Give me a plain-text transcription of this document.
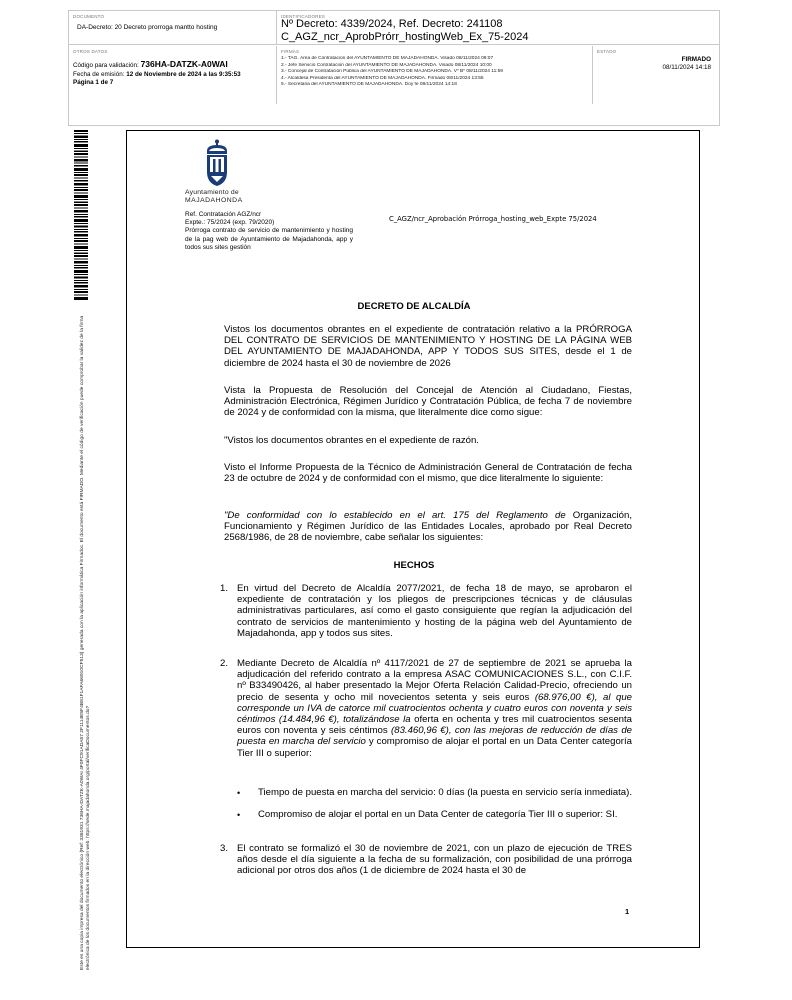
DOCUMENTO
DA-Decreto: 20 Decreto prorroga mantto hosting
IDENTIFICADORES
Nº Decreto: 4339/2024, Ref. Decreto: 241108 C_AGZ_ncr_AprobPrórr_hostingWeb_Ex_75-2024
OTROS DATOS
Código para validación: 736HA-DATZK-A0WAI
Fecha de emisión: 12 de Noviembre de 2024 a las 9:35:53
Página 1 de 7
FIRMAS
1.- TAG. Área de Contratacion del AYUNTAMIENTO DE MAJADAHONDA. Visado 08/11/2024 09:07
2.- Jefe Servicio Contratacion del AYUNTAMIENTO DE MAJADAHONDA. Visado 08/11/2024 10:00
3.- Concejal de Contratación Pública del AYUNTAMIENTO DE MAJADAHONDA. Vº Bº 08/11/2024 11:59
4.- Alcaldesa Presidenta del AYUNTAMIENTO DE MAJADAHONDA. Firmado 08/11/2024 13:55
5.- Secretaria del AYUNTAMIENTO DE MAJADAHONDA. Doy fe 08/11/2024 14:18
ESTADO
FIRMADO
08/11/2024 14:18
Este es una copia impresa del documento electrónico (Ref: 3381931 736HA-DATZK-A0WAI 4F0FC91ADA57 2F1114E5F4B81F1AFA66910CF513) generada con la aplicación informática Firmadoc. El documento está FIRMADO. Mediante el código de verificación puede comprobar la validez de la firma electrónica de los documentos firmados en la dirección web: https://sede.majadahonda.org/portal/verificaDocumentos.do?
Ayuntamiento de
MAJADAHONDA
Ref. Contratación AGZ/ncr
Expte.: 75/2024 (exp. 79/2020)
Prórroga contrato de servicio de mantenimiento y hosting de la pag web de Ayuntamiento de Majadahonda, app y todos sus sites gestión
C_AGZ/ncr_Aprobación Prórroga_hosting_web_Expte 75/2024
DECRETO DE ALCALDÍA
Vistos los documentos obrantes en el expediente de contratación relativo a la PRÓRROGA DEL CONTRATO DE SERVICIOS DE MANTENIMIENTO Y HOSTING DE LA PÁGINA WEB DEL AYUNTAMIENTO DE MAJADAHONDA, APP Y TODOS SUS SITES, desde el 1 de diciembre de 2024 hasta el 30 de noviembre de 2026
Vista la Propuesta de Resolución del Concejal de Atención al Ciudadano, Fiestas, Administración Electrónica, Régimen Jurídico y Contratación Pública, de fecha 7 de noviembre de 2024 y de conformidad con la misma, que literalmente dice como sigue:
"Vistos los documentos obrantes en el expediente de razón.
Visto el Informe Propuesta de la Técnico de Administración General de Contratación de fecha 23 de octubre de 2024 y de conformidad con el mismo, que dice literalmente lo siguiente:
"De conformidad con lo establecido en el art. 175 del Reglamento de Organización, Funcionamiento y Régimen Jurídico de las Entidades Locales, aprobado por Real Decreto 2568/1986, de 28 de noviembre, cabe señalar los siguientes:
HECHOS
1. En virtud del Decreto de Alcaldía 2077/2021, de fecha 18 de mayo, se aprobaron el expediente de contratación y los pliegos de prescripciones técnicas y de cláusulas administrativas particulares, así como el gasto consiguiente que regían la adjudicación del contrato de servicios de mantenimiento y hosting de la página web del Ayuntamiento de Majadahonda, app y todos sus sites.
2. Mediante Decreto de Alcaldía nº 4117/2021 de 27 de septiembre de 2021 se aprueba la adjudicación del referido contrato a la empresa ASAC COMUNICACIONES S.L., con C.I.F. nº B33490426, al haber presentado la Mejor Oferta Relación Calidad-Precio, ofreciendo un precio de sesenta y ocho mil novecientos setenta y seis euros (68.976,00 €), al que corresponde un IVA de catorce mil cuatrocientos ochenta y cuatro euros con noventa y seis céntimos (14.484,96 €), totalizándose la oferta en ochenta y tres mil cuatrocientos sesenta euros con noventa y seis céntimos (83.460,96 €), con las mejoras de reducción de días de puesta en marcha del servicio y compromiso de alojar el portal en un Data Center categoría Tier III o superior:
• Tiempo de puesta en marcha del servicio: 0 días (la puesta en servicio sería inmediata).
• Compromiso de alojar el portal en un Data Center de categoría Tier III o superior: SI.
3. El contrato se formalizó el 30 de noviembre de 2021, con un plazo de ejecución de TRES años desde el día siguiente a la fecha de su formalización, con posibilidad de una prórroga adicional por otros dos años (1 de diciembre de 2024 hasta el 30 de
1
